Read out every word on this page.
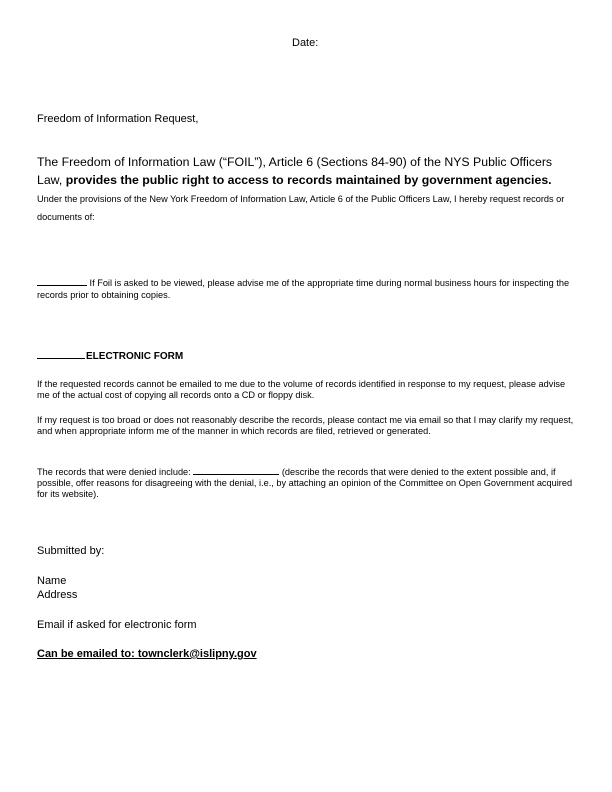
Date:
Freedom of Information Request,
The Freedom of Information Law (“FOIL”), Article 6 (Sections 84-90) of the NYS Public Officers Law, provides the public right to access to records maintained by government agencies. Under the provisions of the New York Freedom of Information Law, Article 6 of the Public Officers Law, I hereby request records or documents of:
If Foil is asked to be viewed, please advise me of the appropriate time during normal business hours for inspecting the records prior to obtaining copies.
ELECTRONIC FORM
If the requested records cannot be emailed to me due to the volume of records identified in response to my request, please advise me of the actual cost of copying all records onto a CD or floppy disk.
If my request is too broad or does not reasonably describe the records, please contact me via email so that I may clarify my request, and when appropriate inform me of the manner in which records are filed, retrieved or generated.
The records that were denied include:	(describe the records that were denied to the extent possible and, if possible, offer reasons for disagreeing with the denial, i.e., by attaching an opinion of the Committee on Open Government acquired for its website).
Submitted by:
Name
Address
Email if asked for electronic form
Can be emailed to: townclerk@islipny.gov
